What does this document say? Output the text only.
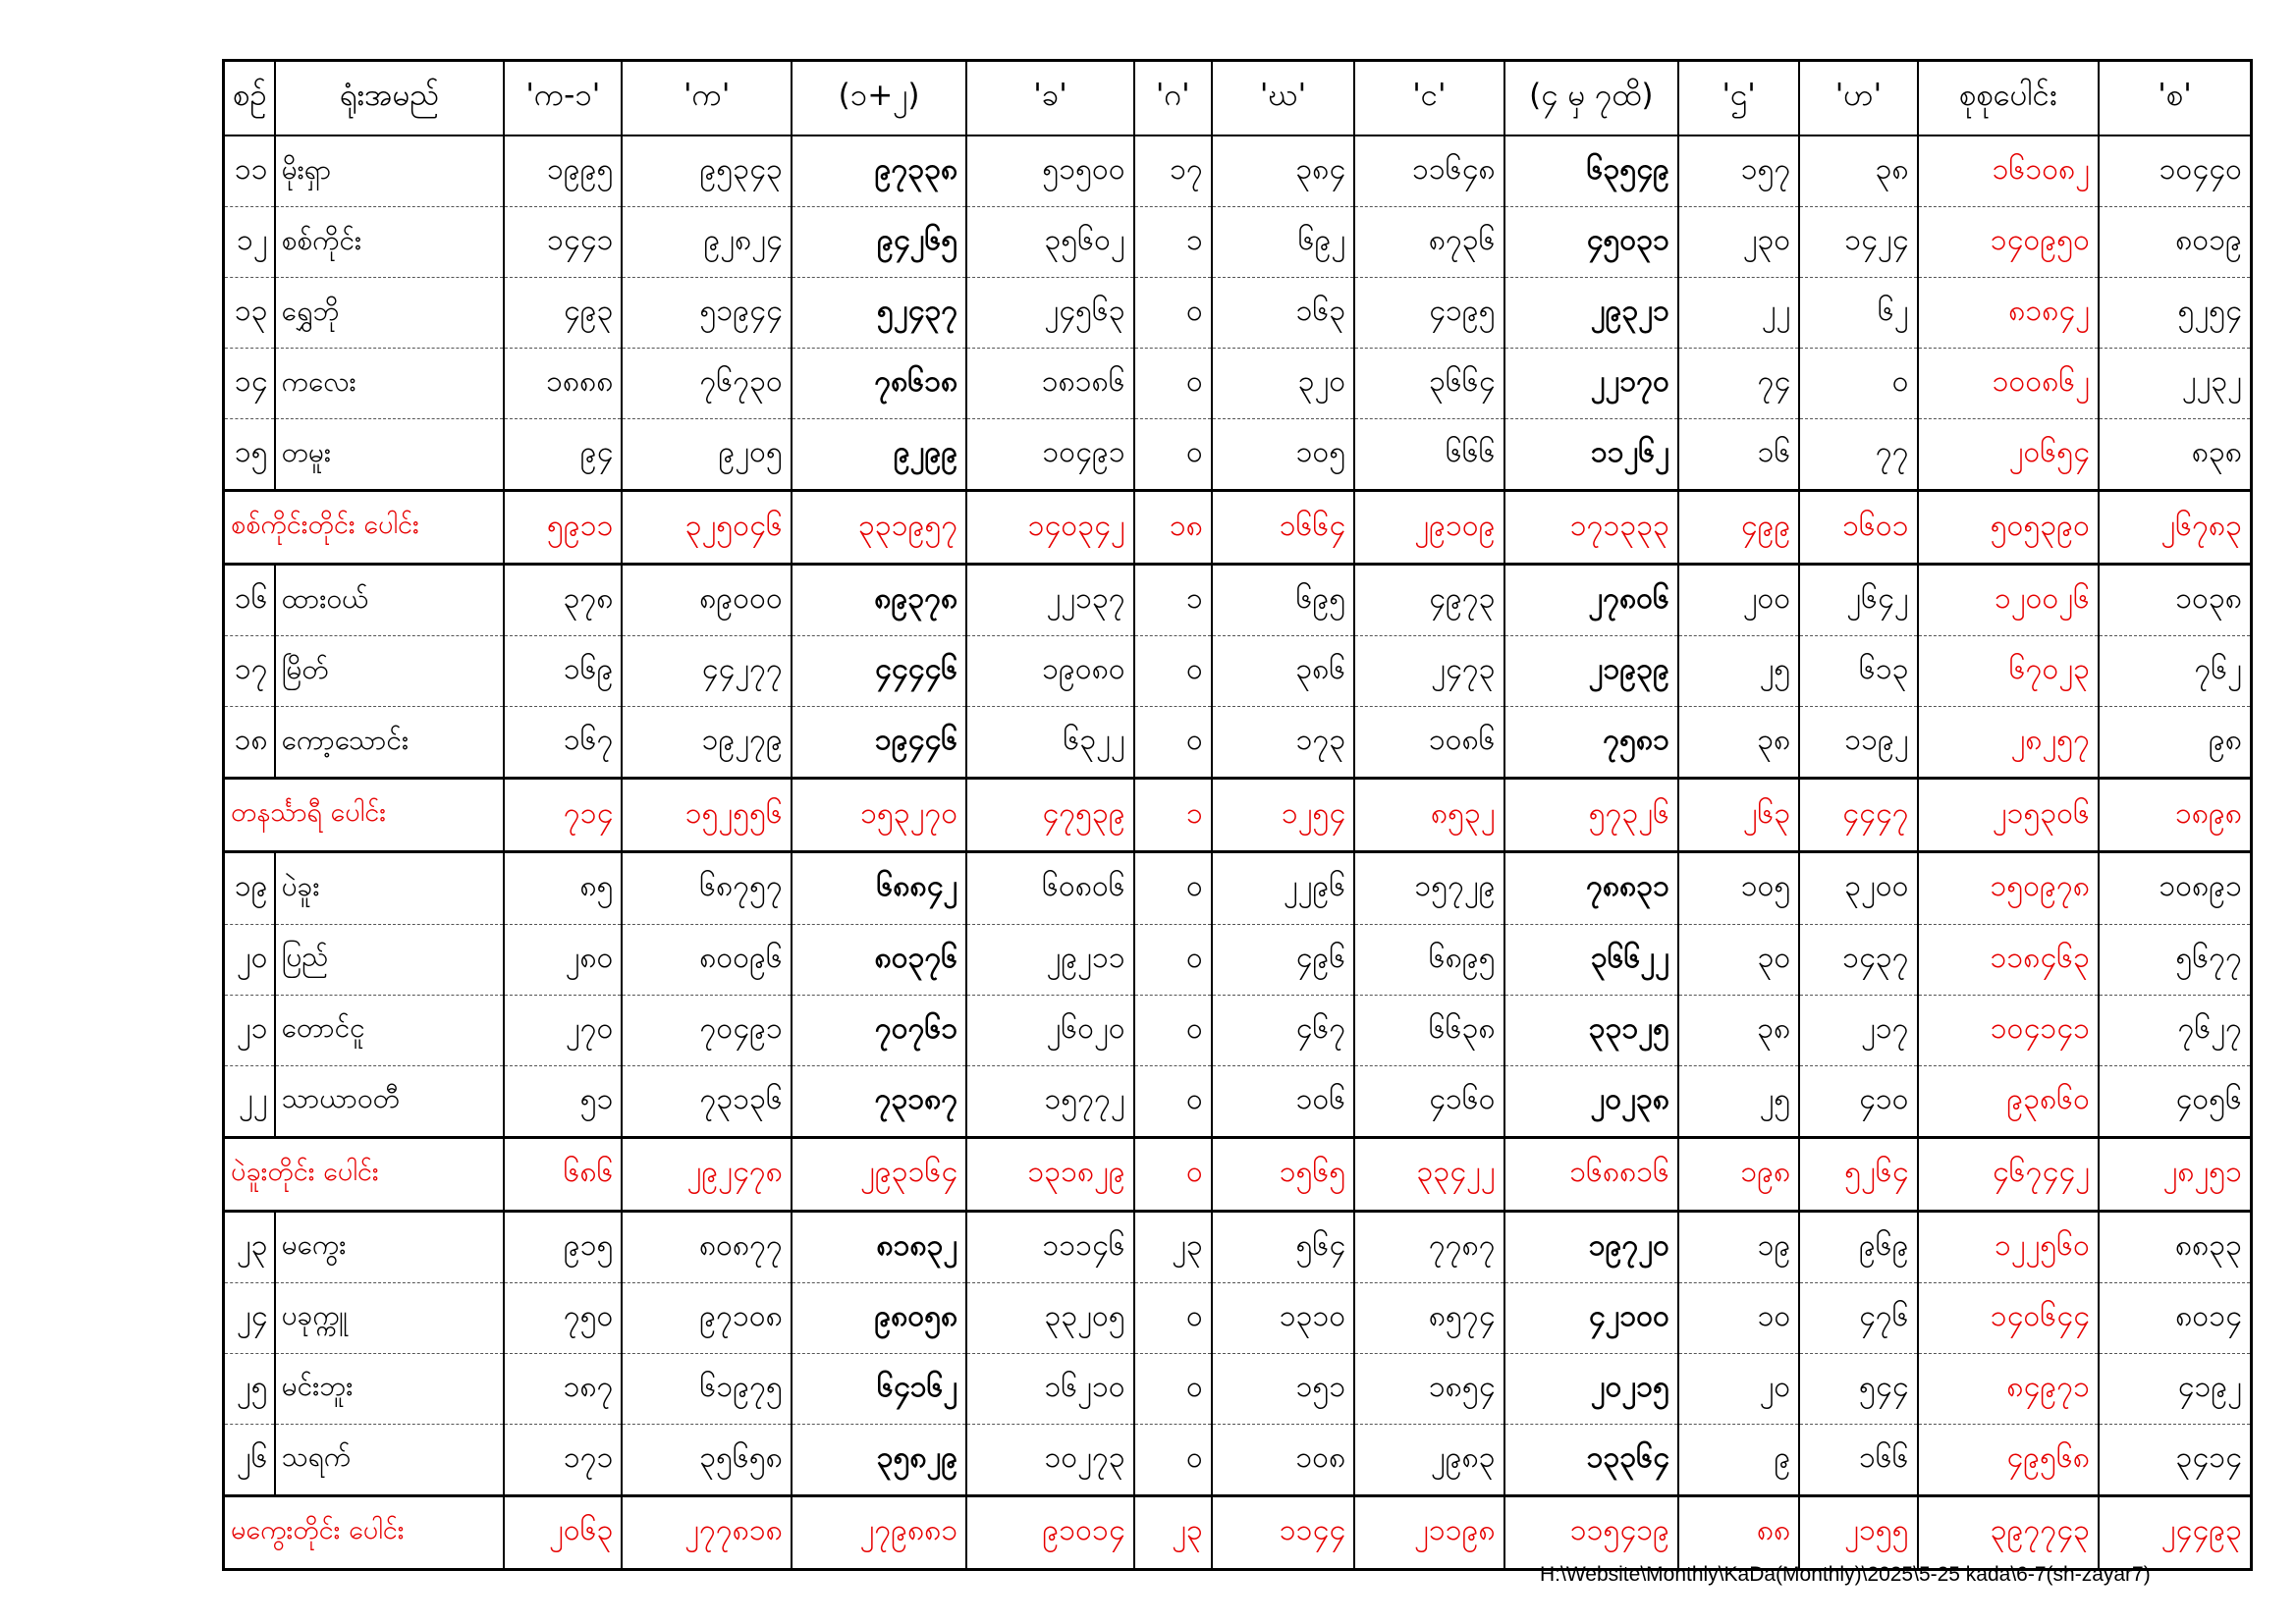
စဉ်	ရုံးအမည်	'က-၁'	'က'	(၁+၂)	'ခ'	'ဂ'	'ဃ'	'င'	(၄ မှ ၇ထိ)	'ဌ'	'ဟ'	စုစုပေါင်း	'စ'
၁၁	မိုးရှာ	၁၉၉၅	၉၅၃၄၃	၉၇၃၃၈	၅၁၅၀၀	၁၇	၃၈၄	၁၁၆၄၈	၆၃၅၄၉	၁၅၇	၃၈	၁၆၁၀၈၂	၁၀၄၄၀
၁၂	စစ်ကိုင်း	၁၄၄၁	၉၂၈၂၄	၉၄၂၆၅	၃၅၆၀၂	၁	၆၉၂	၈၇၃၆	၄၅၀၃၁	၂၃၀	၁၄၂၄	၁၄၀၉၅၀	၈၀၁၉
၁၃	ရွှေဘို	၄၉၃	၅၁၉၄၄	၅၂၄၃၇	၂၄၅၆၃	၀	၁၆၃	၄၁၉၅	၂၉၃၂၁	၂၂	၆၂	၈၁၈၄၂	၅၂၅၄
၁၄	ကလေး	၁၈၈၈	၇၆၇၃၀	၇၈၆၁၈	၁၈၁၈၆	၀	၃၂၀	၃၆၆၄	၂၂၁၇၀	၇၄	၀	၁၀၀၈၆၂	၂၂၃၂
၁၅	တမူး	၉၄	၉၂၀၅	၉၂၉၉	၁၀၄၉၁	၀	၁၀၅	၆၆၆	၁၁၂၆၂	၁၆	၇၇	၂၀၆၅၄	၈၃၈
စစ်ကိုင်းတိုင်း ပေါင်း		၅၉၁၁	၃၂၅၀၄၆	၃၃၁၉၅၇	၁၄၀၃၄၂	၁၈	၁၆၆၄	၂၉၁၀၉	၁၇၁၃၃၃	၄၉၉	၁၆၀၁	၅၀၅၃၉၀	၂၆၇၈၃
၁၆	ထားဝယ်	၃၇၈	၈၉၀၀၀	၈၉၃၇၈	၂၂၁၃၇	၁	၆၉၅	၄၉၇၃	၂၇၈၀၆	၂၀၀	၂၆၄၂	၁၂၀၀၂၆	၁၀၃၈
၁၇	မြိတ်	၁၆၉	၄၄၂၇၇	၄၄၄၄၆	၁၉၀၈၀	၀	၃၈၆	၂၄၇၃	၂၁၉၃၉	၂၅	၆၁၃	၆၇၀၂၃	၇၆၂
၁၈	ကော့သောင်း	၁၆၇	၁၉၂၇၉	၁၉၄၄၆	၆၃၂၂	၀	၁၇၃	၁၀၈၆	၇၅၈၁	၃၈	၁၁၉၂	၂၈၂၅၇	၉၈
တနင်္သာရီ ပေါင်း		၇၁၄	၁၅၂၅၅၆	၁၅၃၂၇၀	၄၇၅၃၉	၁	၁၂၅၄	၈၅၃၂	၅၇၃၂၆	၂၆၃	၄၄၄၇	၂၁၅၃၀၆	၁၈၉၈
၁၉	ပဲခူး	၈၅	၆၈၇၅၇	၆၈၈၄၂	၆၀၈၀၆	၀	၂၂၉၆	၁၅၇၂၉	၇၈၈၃၁	၁၀၅	၃၂၀၀	၁၅၀၉၇၈	၁၀၈၉၁
၂၀	ပြည်	၂၈၀	၈၀၀၉၆	၈၀၃၇၆	၂၉၂၁၁	၀	၄၉၆	၆၈၉၅	၃၆၆၂၂	၃၀	၁၄၃၇	၁၁၈၄၆၃	၅၆၇၇
၂၁	တောင်ငူ	၂၇၀	၇၀၄၉၁	၇၀၇၆၁	၂၆၀၂၀	၀	၄၆၇	၆၆၃၈	၃၃၁၂၅	၃၈	၂၁၇	၁၀၄၁၄၁	၇၆၂၇
၂၂	သာယာဝတီ	၅၁	၇၃၁၃၆	၇၃၁၈၇	၁၅၇၇၂	၀	၁၀၆	၄၁၆၀	၂၀၂၃၈	၂၅	၄၁၀	၉၃၈၆၀	၄၀၅၆
ပဲခူးတိုင်း ပေါင်း		၆၈၆	၂၉၂၄၇၈	၂၉၃၁၆၄	၁၃၁၈၂၉	၀	၁၅၆၅	၃၃၄၂၂	၁၆၈၈၁၆	၁၉၈	၅၂၆၄	၄၆၇၄၄၂	၂၈၂၅၁
၂၃	မကွေး	၉၁၅	၈၀၈၇၇	၈၁၈၃၂	၁၁၁၄၆	၂၃	၅၆၄	၇၇၈၇	၁၉၇၂၀	၁၉	၉၆၉	၁၂၂၅၆၀	၈၈၃၃
၂၄	ပခုက္ကူ	၇၅၀	၉၇၁၀၈	၉၈၀၅၈	၃၃၂၀၅	၀	၁၃၁၀	၈၅၇၄	၄၂၁၀၀	၁၀	၄၇၆	၁၄၀၆၄၄	၈၀၁၄
၂၅	မင်းဘူး	၁၈၇	၆၁၉၇၅	၆၄၁၆၂	၁၆၂၁၀	၀	၁၅၁	၁၈၅၄	၂၀၂၁၅	၂၀	၅၄၄	၈၄၉၇၁	၄၁၉၂
၂၆	သရက်	၁၇၁	၃၅၆၅၈	၃၅၈၂၉	၁၀၂၇၃	၀	၁၀၈	၂၉၈၃	၁၃၃၆၄	၉	၁၆၆	၄၉၅၆၈	၃၄၁၄
မကွေးတိုင်း ပေါင်း		၂၀၆၃	၂၇၇၈၁၈	၂၇၉၈၈၁	၉၁၀၁၄	၂၃	၁၁၄၄	၂၁၁၉၈	၁၁၅၄၁၉	၈၈	၂၁၅၅	၃၉၇၇၄၃	၂၄၄၉၃
H:\Website\Monthly\KaDa(Monthly)\2025\5-25 kada\6-7(sh-zayar7)
